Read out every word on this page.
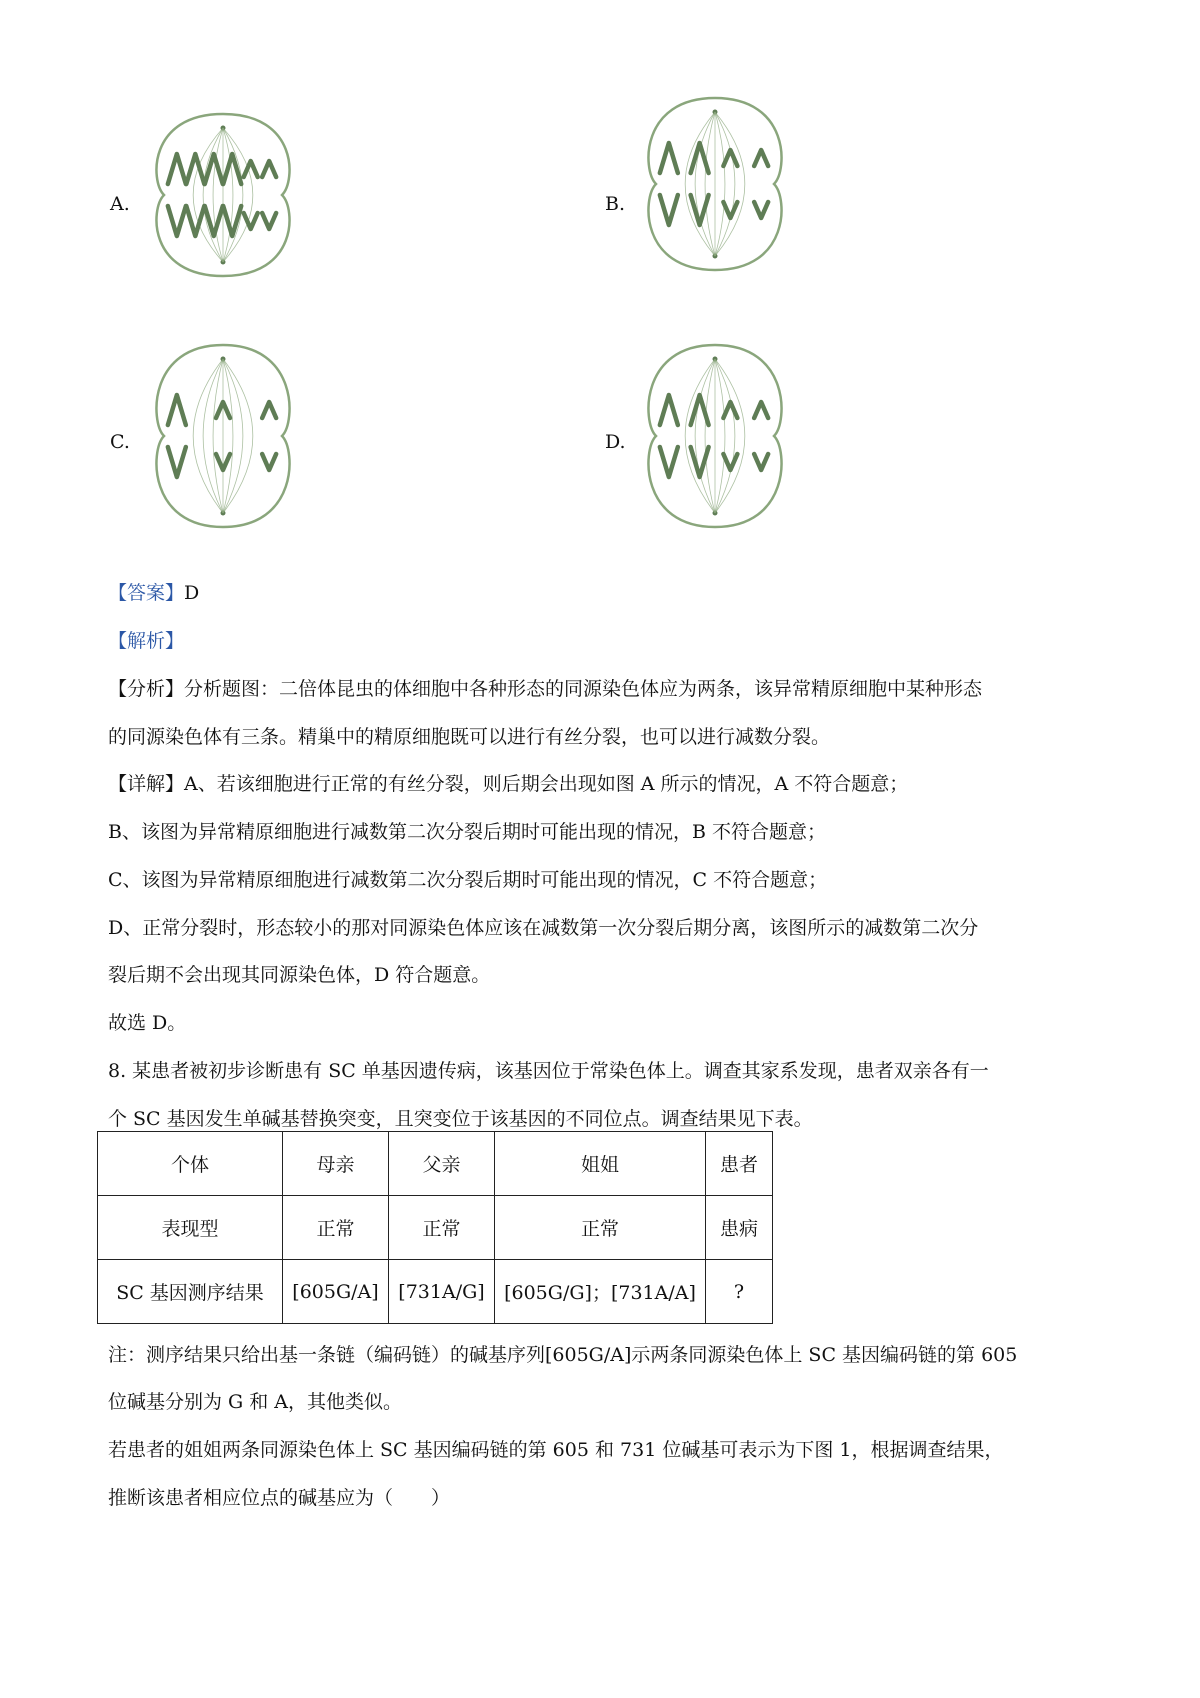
A.	B.
C.	D.
【答案】D
【解析】
【分析】分析题图：二倍体昆虫的体细胞中各种形态的同源染色体应为两条，该异常精原细胞中某种形态
的同源染色体有三条。精巢中的精原细胞既可以进行有丝分裂，也可以进行减数分裂。
【详解】A、若该细胞进行正常的有丝分裂，则后期会出现如图 A 所示的情况，A 不符合题意；
B、该图为异常精原细胞进行减数第二次分裂后期时可能出现的情况，B 不符合题意；
C、该图为异常精原细胞进行减数第二次分裂后期时可能出现的情况，C 不符合题意；
D、正常分裂时，形态较小的那对同源染色体应该在减数第一次分裂后期分离，该图所示的减数第二次分
裂后期不会出现其同源染色体，D 符合题意。
故选 D。
8. 某患者被初步诊断患有 SC 单基因遗传病，该基因位于常染色体上。调查其家系发现，患者双亲各有一
个 SC 基因发生单碱基替换突变，且突变位于该基因的不同位点。调查结果见下表。
个体	母亲	父亲	姐姐	患者
表现型	正常	正常	正常	患病
SC 基因测序结果	[605G/A]	[731A/G]	[605G/G]；[731A/A]	?
注：测序结果只给出基一条链（编码链）的碱基序列[605G/A]示两条同源染色体上 SC 基因编码链的第 605
位碱基分别为 G 和 A，其他类似。
若患者的姐姐两条同源染色体上 SC 基因编码链的第 605 和 731 位碱基可表示为下图 1，根据调查结果，
推断该患者相应位点的碱基应为（　　）
